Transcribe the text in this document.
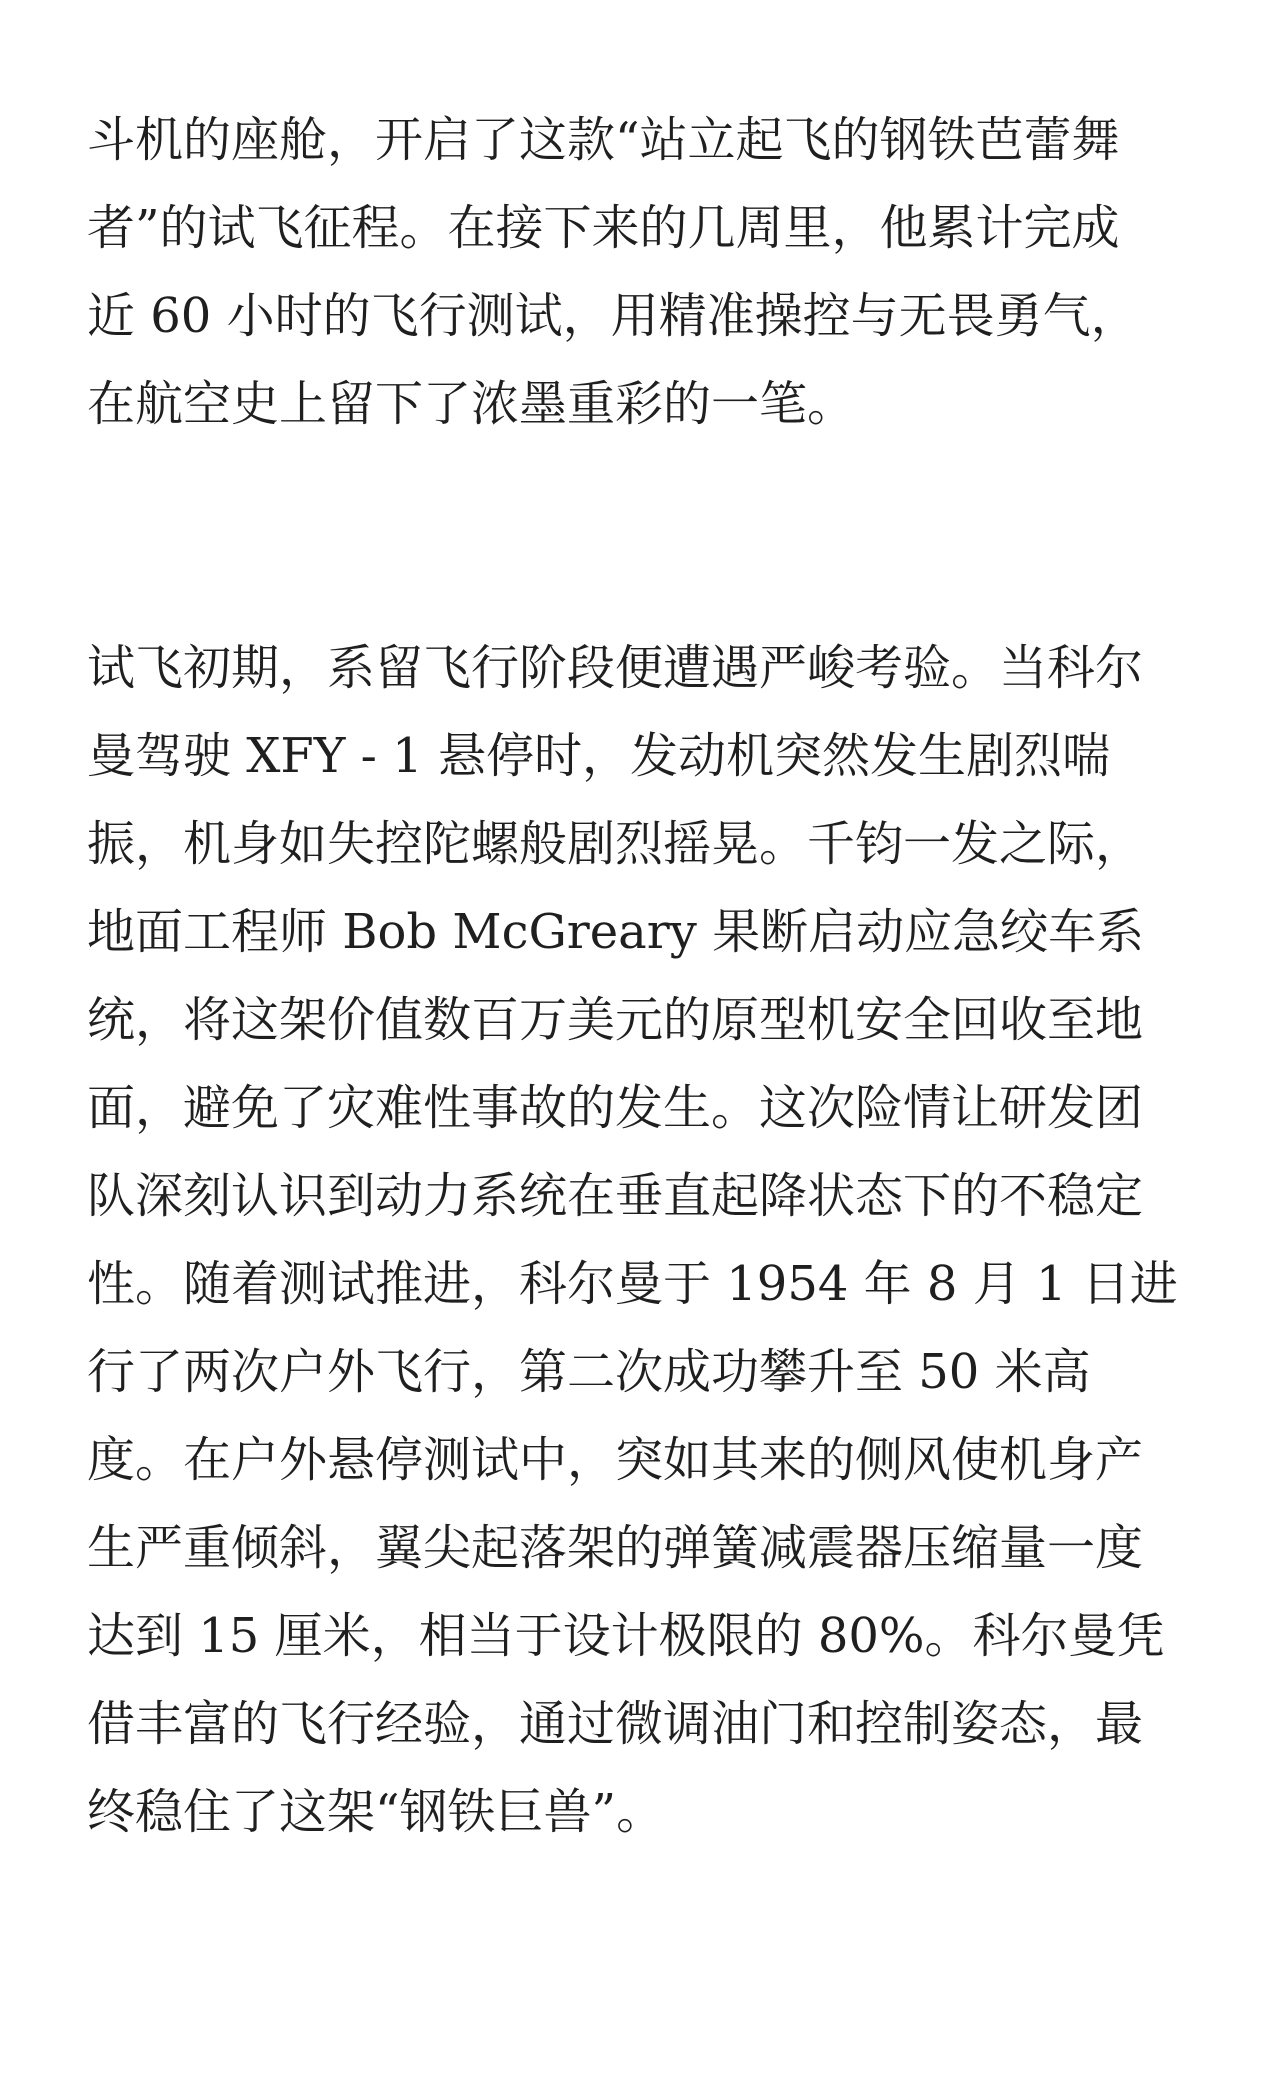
斗机的座舱，开启了这款“站立起飞的钢铁芭蕾舞
者”的试飞征程。在接下来的几周里，他累计完成
近 60 小时的飞行测试，用精准操控与无畏勇气，
在航空史上留下了浓墨重彩的一笔。

试飞初期，系留飞行阶段便遭遇严峻考验。当科尔
曼驾驶 XFY - 1 悬停时，发动机突然发生剧烈喘
振，机身如失控陀螺般剧烈摇晃。千钧一发之际，
地面工程师 Bob McGreary 果断启动应急绞车系
统，将这架价值数百万美元的原型机安全回收至地
面，避免了灾难性事故的发生。这次险情让研发团
队深刻认识到动力系统在垂直起降状态下的不稳定
性。随着测试推进，科尔曼于 1954 年 8 月 1 日进
行了两次户外飞行，第二次成功攀升至 50 米高
度。在户外悬停测试中，突如其来的侧风使机身产
生严重倾斜，翼尖起落架的弹簧减震器压缩量一度
达到 15 厘米，相当于设计极限的 80%。科尔曼凭
借丰富的飞行经验，通过微调油门和控制姿态，最
终稳住了这架“钢铁巨兽”。
